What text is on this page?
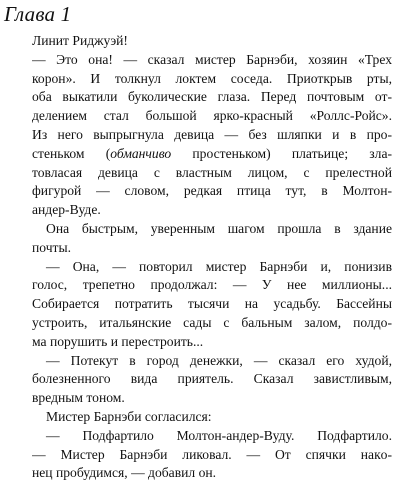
Глава 1
Линит Риджуэй!
— Это она! — сказал мистер Барнэби, хозяин «Трех
корон». И толкнул локтем соседа. Приоткрыв рты,
оба выкатили буколические глаза. Перед почтовым от-
делением стал большой ярко-красный «Роллс-Ройс».
Из него выпрыгнула девица — без шляпки и в про-
стеньком (обманчиво простеньком) платьице; зла-
товласая девица с властным лицом, с прелестной
фигурой — словом, редкая птица тут, в Молтон-
андер-Вуде.
Она быстрым, уверенным шагом прошла в здание
почты.
— Она, — повторил мистер Барнэби и, понизив
голос, трепетно продолжал: — У нее миллионы...
Собирается потратить тысячи на усадьбу. Бассейны
устроить, итальянские сады с бальным залом, полдо-
ма порушить и перестроить...
— Потекут в город денежки, — сказал его худой,
болезненного вида приятель. Сказал завистливым,
вредным тоном.
Мистер Барнэби согласился:
— Подфартило Молтон-андер-Вуду. Подфартило.
— Мистер Барнэби ликовал. — От спячки накo-
нец пробудимся, — добавил он.
